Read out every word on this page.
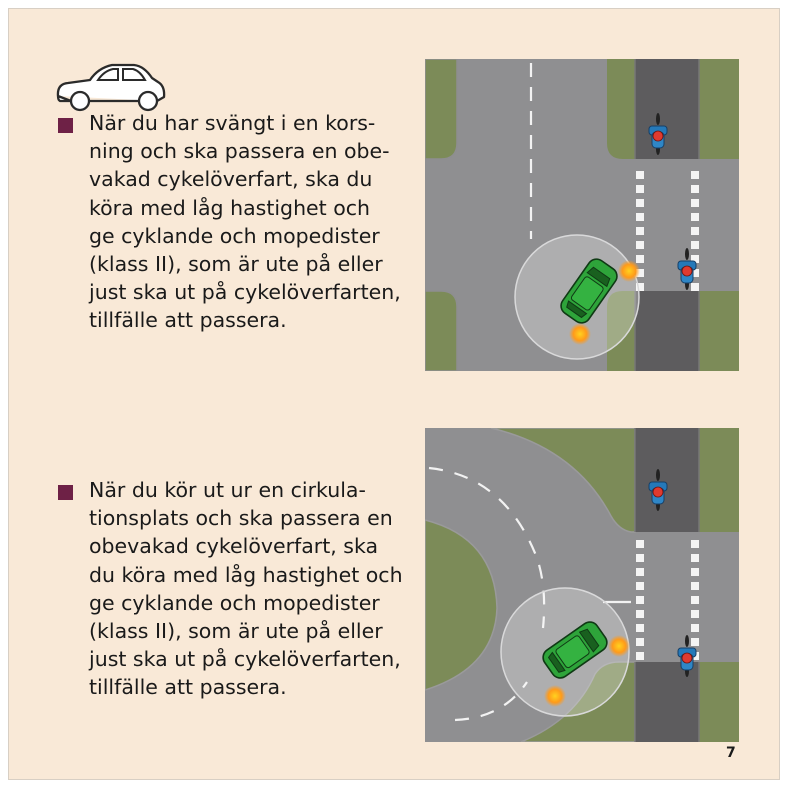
När du har svängt i en kors-
ning och ska passera en obe-
vakad cykelöverfart, ska du
köra med låg hastighet och
ge cyklande och mopedister
(klass II), som är ute på eller
just ska ut på cykelöverfarten,
tillfälle att passera.

När du kör ut ur en cirkula-
tionsplats och ska passera en
obevakad cykelöverfart, ska
du köra med låg hastighet och
ge cyklande och mopedister
(klass II), som är ute på eller
just ska ut på cykelöverfarten,
tillfälle att passera.

7
